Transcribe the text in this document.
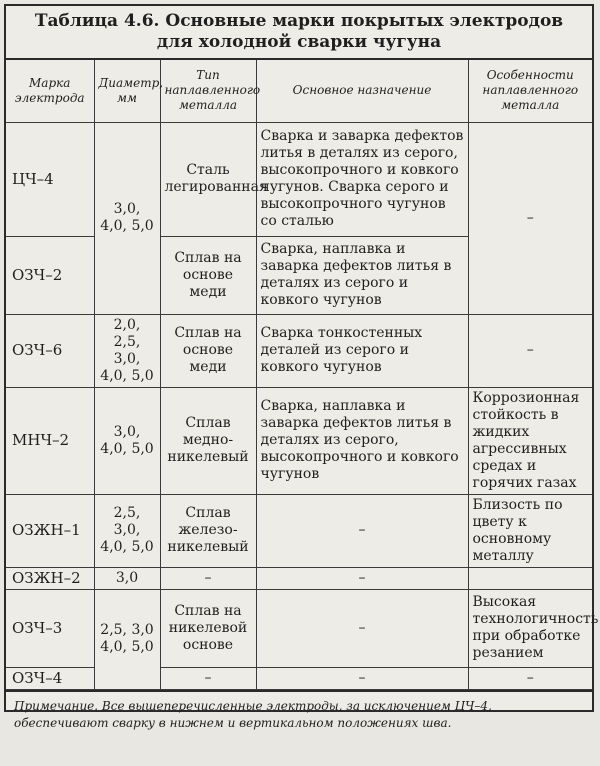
Таблица 4.6. Основные марки покрытых электродов для холодной сварки чугуна
Марка электрода	Диаметр, мм	Тип наплавленного металла	Основное назначение	Особенности наплавленного металла
ЦЧ–4	3,0, 4,0, 5,0	Сталь легированная	Сварка и заварка дефектов литья в деталях из серого, высокопрочного и ковкого чугунов. Сварка серого и высокопрочного чугунов со сталью	–
ОЗЧ–2		Сплав на основе меди	Сварка, наплавка и заварка дефектов литья в деталях из серого и ковкого чугунов	
ОЗЧ–6	2,0, 2,5, 3,0, 4,0, 5,0	Сплав на основе меди	Сварка тонкостенных деталей из серого и ковкого чугунов	–
МНЧ–2	3,0, 4,0, 5,0	Сплав медно-никелевый	Сварка, наплавка и заварка дефектов литья в деталях из серого, высокопрочного и ковкого чугунов	Коррозионная стойкость в жидких агрессивных средах и горячих газах
ОЗЖН–1	2,5, 3,0, 4,0, 5,0	Сплав железо-никелевый	–	Близость по цвету к основному металлу
ОЗЖН–2	3,0	–	–	
ОЗЧ–3	2,5, 3,0 4,0, 5,0	Сплав на никелевой основе	–	Высокая технологичность при обработке резанием
ОЗЧ–4		–	–	–
Примечание. Все вышеперечисленные электроды, за исключением ЦЧ–4, обеспечивают сварку в нижнем и вертикальном положениях шва.
